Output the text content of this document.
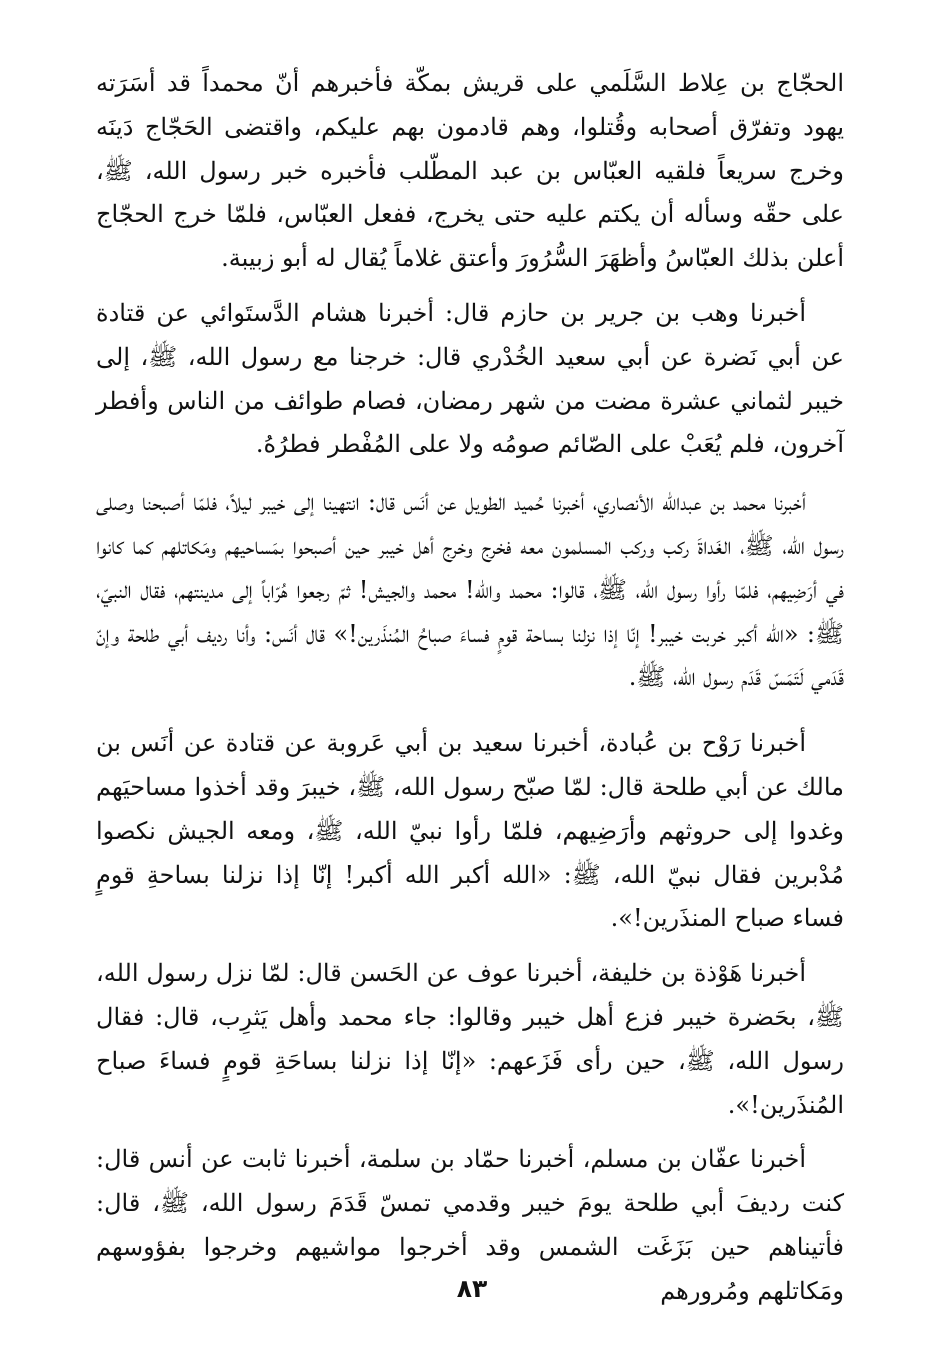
الحجّاج بن عِلاط السَّلَمي على قريش بمكّة فأخبرهم أنّ محمداً قد أسَرَته يهود وتفرّق أصحابه وقُتلوا، وهم قادمون بهم عليكم، واقتضى الحَجّاج دَينَه وخرج سريعاً فلقيه العبّاس بن عبد المطّلب فأخبره خبر رسول الله، ﷺ، على حقّه وسأله أن يكتم عليه حتى يخرج، ففعل العبّاس، فلمّا خرج الحجّاج أعلن بذلك العبّاسُ وأظهَرَ السُّرُورَ وأعتق غلاماً يُقال له أبو زبيبة.

أخبرنا وهب بن جرير بن حازم قال: أخبرنا هشام الدَّستَوائي عن قتادة عن أبي نَضرة عن أبي سعيد الخُدْري قال: خرجنا مع رسول الله، ﷺ، إلى خيبر لثماني عشرة مضت من شهر رمضان، فصام طوائف من الناس وأفطر آخرون، فلم يُعَبْ على الصّائم صومُه ولا على المُفْطر فطرُهُ.

أخبرنا محمد بن عبدالله الأنصاري، أخبرنا حُميد الطويل عن أنَس قال: انتهينا إلى خيبر ليلاً، فلمّا أصبحنا وصلى رسول الله، ﷺ، الغَداةَ ركب وركب المسلمون معه فخرج وخرج أهل خيبر حين أصبحوا بمَساحيهم ومَكاتلهم كما كانوا في أرَضِيهم، فلمّا رأوا رسول الله، ﷺ، قالوا: محمد والله! محمد والجيش! ثمّ رجعوا هُرّاباً إلى مدينتهم، فقال النبيّ، ﷺ: «الله أكبر خربت خيبر! إنّا إذا نزلنا بساحة قومٍ فساءَ صباحُ المُنذَرين!» قال أنَس: وأنا رديف أبي طلحة وإنّ قَدَمي لَتَمَسّ قَدَم رسول الله، ﷺ.

أخبرنا رَوْح بن عُبادة، أخبرنا سعيد بن أبي عَروبة عن قتادة عن أنَس بن مالك عن أبي طلحة قال: لمّا صبّح رسول الله، ﷺ، خيبرَ وقد أخذوا مساحيَهم وغدوا إلى حروثهم وأرَضِيهم، فلمّا رأوا نبيّ الله، ﷺ، ومعه الجيش نكصوا مُدْبرين فقال نبيّ الله، ﷺ: «الله أكبر الله أكبر! إنّا إذا نزلنا بساحةِ قومٍ فساء صباح المنذَرين!».

أخبرنا هَوْذة بن خليفة، أخبرنا عوف عن الحَسن قال: لمّا نزل رسول الله، ﷺ، بحَضرة خيبر فزع أهل خيبر وقالوا: جاء محمد وأهل يَثرِب، قال: فقال رسول الله، ﷺ، حين رأى فَزَعهم: «إنّا إذا نزلنا بساحَةِ قومٍ فساءَ صباح المُنذَرين!».

أخبرنا عفّان بن مسلم، أخبرنا حمّاد بن سلمة، أخبرنا ثابت عن أنس قال: كنت رديفَ أبي طلحة يومَ خيبر وقدمي تمسّ قَدَمَ رسول الله، ﷺ، قال: فأتيناهم حين بَزَغَت الشمس وقد أخرجوا مواشيهم وخرجوا بفؤوسهم ومَكاتلهم ومُرورهم

٨٣
